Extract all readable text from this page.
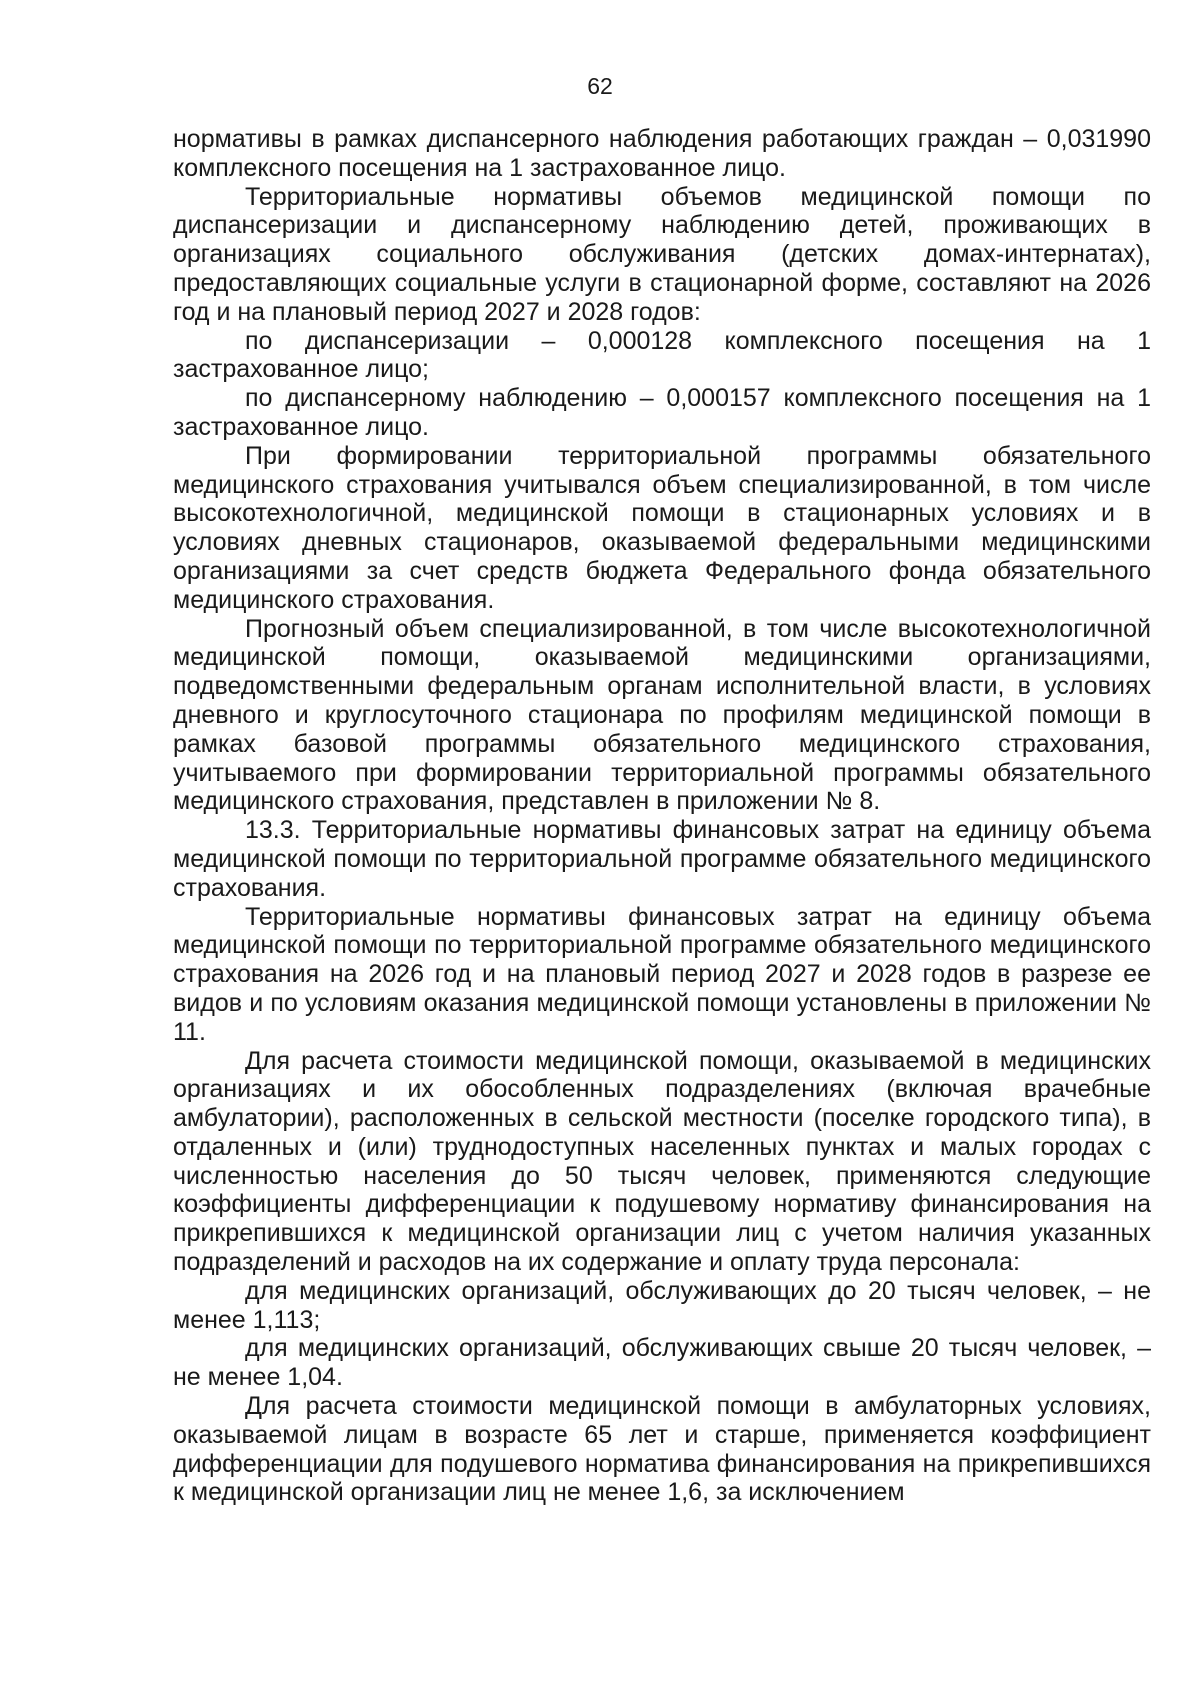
62

нормативы в рамках диспансерного наблюдения работающих граждан – 0,031990 комплексного посещения на 1 застрахованное лицо.

Территориальные нормативы объемов медицинской помощи по диспансеризации и диспансерному наблюдению детей, проживающих в организациях социального обслуживания (детских домах-интернатах), предоставляющих социальные услуги в стационарной форме, составляют на 2026 год и на плановый период 2027 и 2028 годов:

по диспансеризации – 0,000128 комплексного посещения на 1 застрахованное лицо;

по диспансерному наблюдению – 0,000157 комплексного посещения на 1 застрахованное лицо.

При формировании территориальной программы обязательного медицинского страхования учитывался объем специализированной, в том числе высокотехнологичной, медицинской помощи в стационарных условиях и в условиях дневных стационаров, оказываемой федеральными медицинскими организациями за счет средств бюджета Федерального фонда обязательного медицинского страхования.

Прогнозный объем специализированной, в том числе высокотехнологичной медицинской помощи, оказываемой медицинскими организациями, подведомственными федеральным органам исполнительной власти, в условиях дневного и круглосуточного стационара по профилям медицинской помощи в рамках базовой программы обязательного медицинского страхования, учитываемого при формировании территориальной программы обязательного медицинского страхования, представлен в приложении № 8.

13.3. Территориальные нормативы финансовых затрат на единицу объема медицинской помощи по территориальной программе обязательного медицинского страхования.

Территориальные нормативы финансовых затрат на единицу объема медицинской помощи по территориальной программе обязательного медицинского страхования на 2026 год и на плановый период 2027 и 2028 годов в разрезе ее видов и по условиям оказания медицинской помощи установлены в приложении № 11.

Для расчета стоимости медицинской помощи, оказываемой в медицинских организациях и их обособленных подразделениях (включая врачебные амбулатории), расположенных в сельской местности (поселке городского типа), в отдаленных и (или) труднодоступных населенных пунктах и малых городах с численностью населения до 50 тысяч человек, применяются следующие коэффициенты дифференциации к подушевому нормативу финансирования на прикрепившихся к медицинской организации лиц с учетом наличия указанных подразделений и расходов на их содержание и оплату труда персонала:

для медицинских организаций, обслуживающих до 20 тысяч человек, – не менее 1,113;

для медицинских организаций, обслуживающих свыше 20 тысяч человек, – не менее 1,04.

Для расчета стоимости медицинской помощи в амбулаторных условиях, оказываемой лицам в возрасте 65 лет и старше, применяется коэффициент дифференциации для подушевого норматива финансирования на прикрепившихся к медицинской организации лиц не менее 1,6, за исключением
